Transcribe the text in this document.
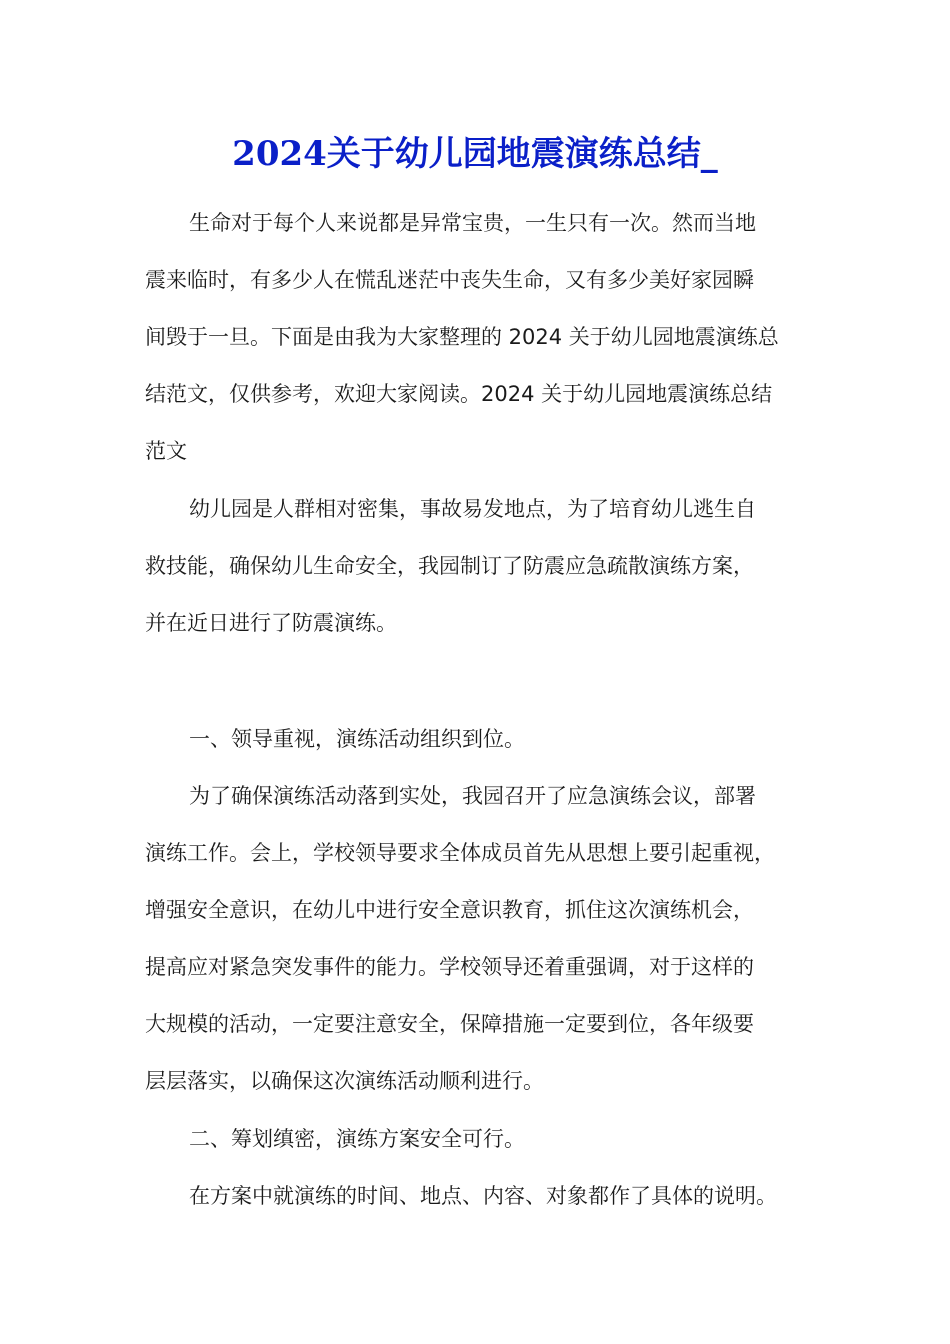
2024关于幼儿园地震演练总结_

生命对于每个人来说都是异常宝贵，一生只有一次。然而当地
震来临时，有多少人在慌乱迷茫中丧失生命，又有多少美好家园瞬
间毁于一旦。下面是由我为大家整理的 2024 关于幼儿园地震演练总
结范文，仅供参考，欢迎大家阅读。2024 关于幼儿园地震演练总结
范文

幼儿园是人群相对密集，事故易发地点，为了培育幼儿逃生自
救技能，确保幼儿生命安全，我园制订了防震应急疏散演练方案，
并在近日进行了防震演练。

一、领导重视，演练活动组织到位。

为了确保演练活动落到实处，我园召开了应急演练会议，部署
演练工作。会上，学校领导要求全体成员首先从思想上要引起重视，
增强安全意识，在幼儿中进行安全意识教育，抓住这次演练机会，
提高应对紧急突发事件的能力。学校领导还着重强调，对于这样的
大规模的活动，一定要注意安全，保障措施一定要到位，各年级要
层层落实，以确保这次演练活动顺利进行。

二、筹划缜密，演练方案安全可行。

在方案中就演练的时间、地点、内容、对象都作了具体的说明。
